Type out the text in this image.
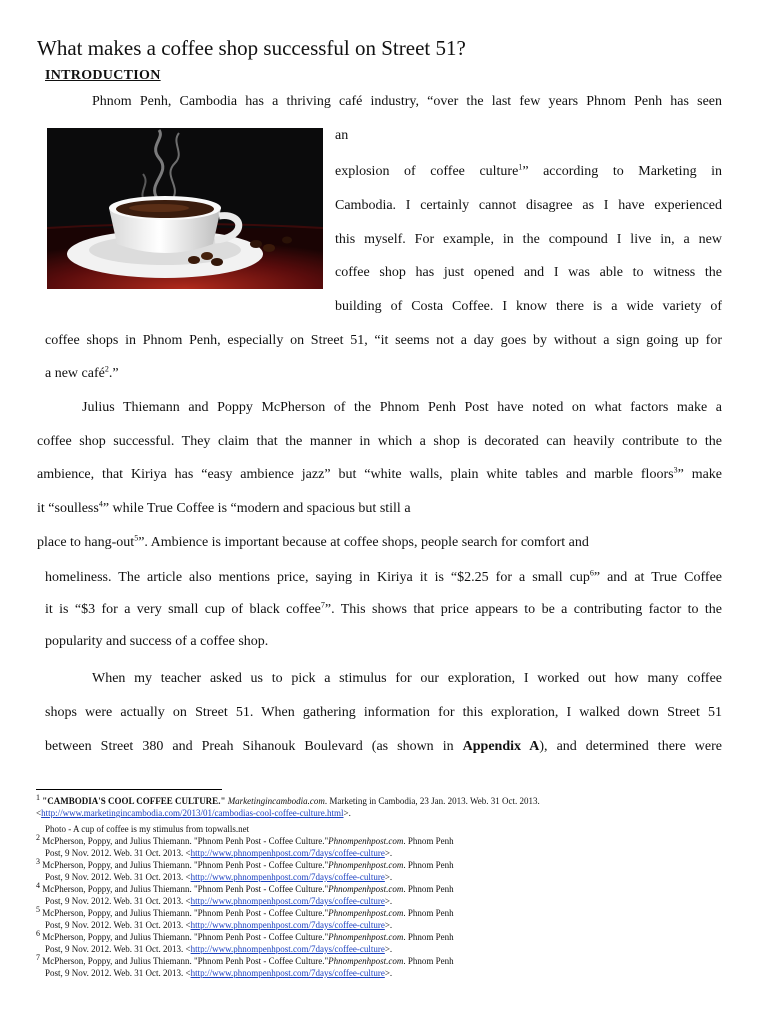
What makes a coffee shop successful on Street 51?
INTRODUCTION
Phnom Penh, Cambodia has a thriving café industry, “over the last few years Phnom Penh has seen
an
explosion of coffee culture$^1$” according to Marketing in
Cambodia. I certainly cannot disagree as I have experienced
this myself. For example, in the compound I live in, a new
coffee shop has just opened and I was able to witness the
building of Costa Coffee. I know there is a wide variety of
coffee shops in Phnom Penh, especially on Street 51, “it seems not a day goes by without a sign going up for
a new café$^2$.”
Julius Thiemann and Poppy McPherson of the Phnom Penh Post have noted on what factors make a
coffee shop successful. They claim that the manner in which a shop is decorated can heavily contribute to the
ambience, that Kiriya has “easy ambience jazz” but “white walls, plain white tables and marble floors$^3$” make
it “soulless$^4$” while True Coffee is “modern and spacious but still a
place to hang-out$^5$”. Ambience is important because at coffee shops, people search for comfort and
homeliness. The article also mentions price, saying in Kiriya it is “$2.25 for a small cup$^6$” and at True Coffee
it is “$3 for a very small cup of black coffee$^7$”. This shows that price appears to be a contributing factor to the
popularity and success of a coffee shop.
When my teacher asked us to pick a stimulus for our exploration, I worked out how many coffee
shops were actually on Street 51. When gathering information for this exploration, I walked down Street 51
between Street 380 and Preah Sihanouk Boulevard (as shown in Appendix A), and determined there were
$^1$ "CAMBODIA'S COOL COFFEE CULTURE." Marketingincambodia.com. Marketing in Cambodia, 23 Jan. 2013. Web. 31 Oct. 2013.
<http://www.marketingincambodia.com/2013/01/cambodias-cool-coffee-culture.html>.
Photo - A cup of coffee is my stimulus from topwalls.net
$^2$ McPherson, Poppy, and Julius Thiemann. "Phnom Penh Post - Coffee Culture."Phnompenhpost.com. Phnom Penh
Post, 9 Nov. 2012. Web. 31 Oct. 2013. <http://www.phnompenhpost.com/7days/coffee-culture>.
$^3$ McPherson, Poppy, and Julius Thiemann. "Phnom Penh Post - Coffee Culture."Phnompenhpost.com. Phnom Penh
Post, 9 Nov. 2012. Web. 31 Oct. 2013. <http://www.phnompenhpost.com/7days/coffee-culture>.
$^4$ McPherson, Poppy, and Julius Thiemann. "Phnom Penh Post - Coffee Culture."Phnompenhpost.com. Phnom Penh
Post, 9 Nov. 2012. Web. 31 Oct. 2013. <http://www.phnompenhpost.com/7days/coffee-culture>.
$^5$ McPherson, Poppy, and Julius Thiemann. "Phnom Penh Post - Coffee Culture."Phnompenhpost.com. Phnom Penh
Post, 9 Nov. 2012. Web. 31 Oct. 2013. <http://www.phnompenhpost.com/7days/coffee-culture>.
$^6$ McPherson, Poppy, and Julius Thiemann. "Phnom Penh Post - Coffee Culture."Phnompenhpost.com. Phnom Penh
Post, 9 Nov. 2012. Web. 31 Oct. 2013. <http://www.phnompenhpost.com/7days/coffee-culture>.
$^7$ McPherson, Poppy, and Julius Thiemann. "Phnom Penh Post - Coffee Culture."Phnompenhpost.com. Phnom Penh
Post, 9 Nov. 2012. Web. 31 Oct. 2013. <http://www.phnompenhpost.com/7days/coffee-culture>.
